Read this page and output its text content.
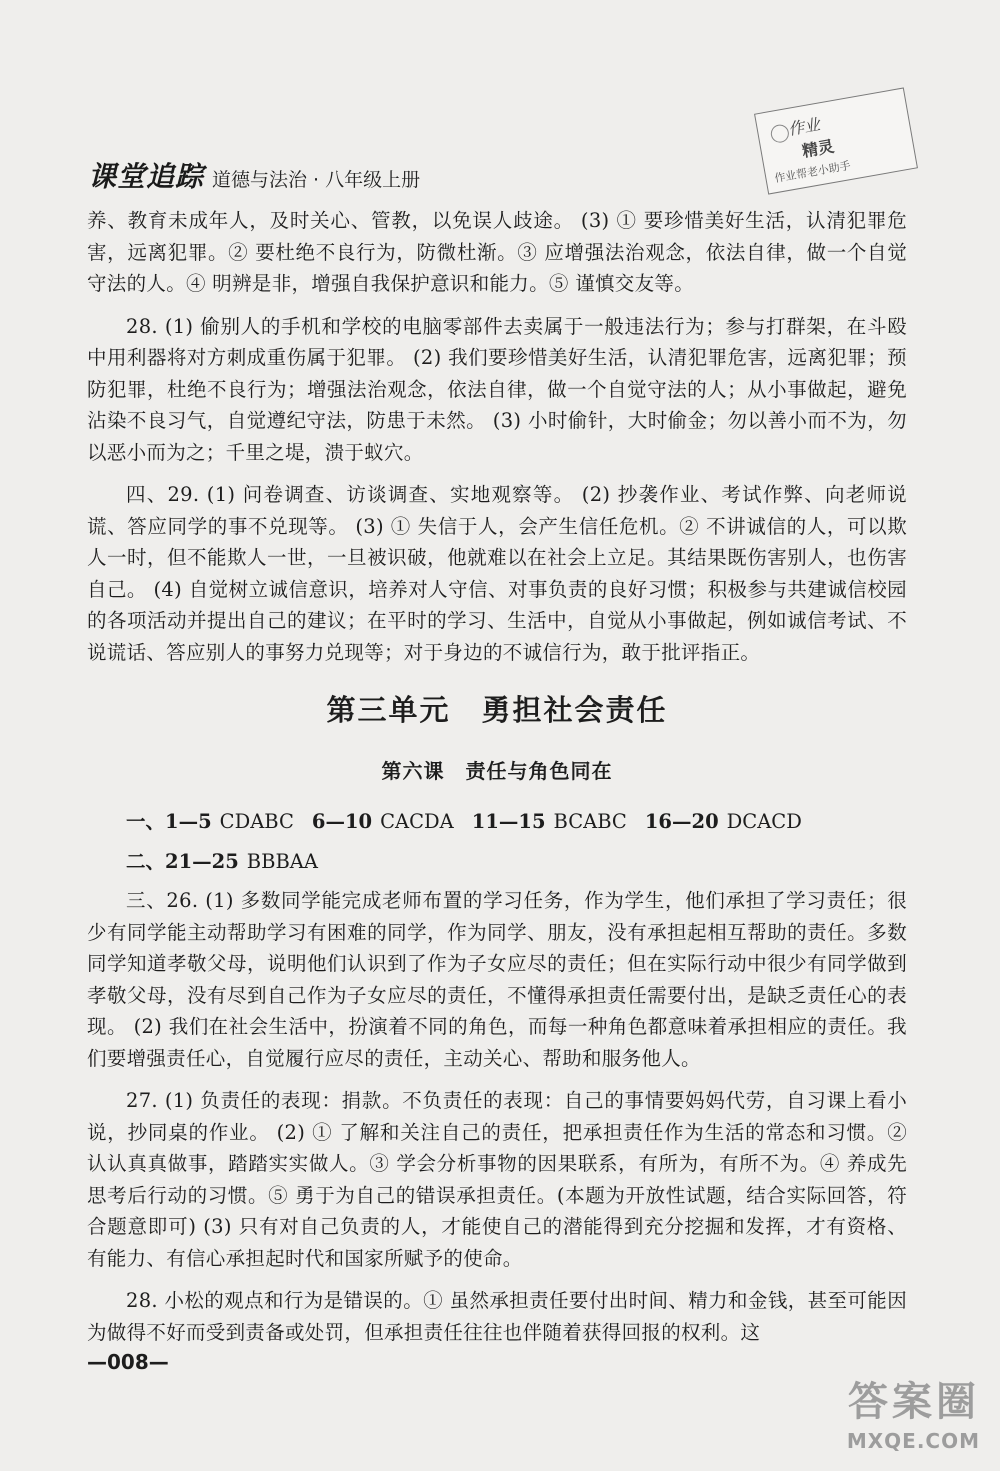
作业
精灵
作业帮老小助手
课堂追踪 道德与法治 · 八年级上册

养、教育未成年人，及时关心、管教，以免误人歧途。 (3) ① 要珍惜美好生活，认清犯罪危害，远离犯罪。② 要杜绝不良行为，防微杜渐。③ 应增强法治观念，依法自律，做一个自觉守法的人。④ 明辨是非，增强自我保护意识和能力。⑤ 谨慎交友等。

28. (1) 偷别人的手机和学校的电脑零部件去卖属于一般违法行为；参与打群架，在斗殴中用利器将对方刺成重伤属于犯罪。 (2) 我们要珍惜美好生活，认清犯罪危害，远离犯罪；预防犯罪，杜绝不良行为；增强法治观念，依法自律，做一个自觉守法的人；从小事做起，避免沾染不良习气，自觉遵纪守法，防患于未然。 (3) 小时偷针，大时偷金；勿以善小而不为，勿以恶小而为之；千里之堤，溃于蚁穴。

四、29. (1) 问卷调查、访谈调查、实地观察等。 (2) 抄袭作业、考试作弊、向老师说谎、答应同学的事不兑现等。 (3) ① 失信于人，会产生信任危机。② 不讲诚信的人，可以欺人一时，但不能欺人一世，一旦被识破，他就难以在社会上立足。其结果既伤害别人，也伤害自己。 (4) 自觉树立诚信意识，培养对人守信、对事负责的良好习惯；积极参与共建诚信校园的各项活动并提出自己的建议；在平时的学习、生活中，自觉从小事做起，例如诚信考试、不说谎话、答应别人的事努力兑现等；对于身边的不诚信行为，敢于批评指正。

第三单元　勇担社会责任
第六课　责任与角色同在
一、1—5 CDABC 6—10 CACDA 11—15 BCABC 16—20 DCACD
二、21—25 BBBAA

三、26. (1) 多数同学能完成老师布置的学习任务，作为学生，他们承担了学习责任；很少有同学能主动帮助学习有困难的同学，作为同学、朋友，没有承担起相互帮助的责任。多数同学知道孝敬父母，说明他们认识到了作为子女应尽的责任；但在实际行动中很少有同学做到孝敬父母，没有尽到自己作为子女应尽的责任，不懂得承担责任需要付出，是缺乏责任心的表现。 (2) 我们在社会生活中，扮演着不同的角色，而每一种角色都意味着承担相应的责任。我们要增强责任心，自觉履行应尽的责任，主动关心、帮助和服务他人。

27. (1) 负责任的表现：捐款。不负责任的表现：自己的事情要妈妈代劳，自习课上看小说，抄同桌的作业。 (2) ① 了解和关注自己的责任，把承担责任作为生活的常态和习惯。② 认认真真做事，踏踏实实做人。③ 学会分析事物的因果联系，有所为，有所不为。④ 养成先思考后行动的习惯。⑤ 勇于为自己的错误承担责任。(本题为开放性试题，结合实际回答，符合题意即可) (3) 只有对自己负责的人，才能使自己的潜能得到充分挖掘和发挥，才有资格、有能力、有信心承担起时代和国家所赋予的使命。

28. 小松的观点和行为是错误的。① 虽然承担责任要付出时间、精力和金钱，甚至可能因为做得不好而受到责备或处罚，但承担责任往往也伴随着获得回报的权利。这

—008—
答案圈
MXQE.COM
